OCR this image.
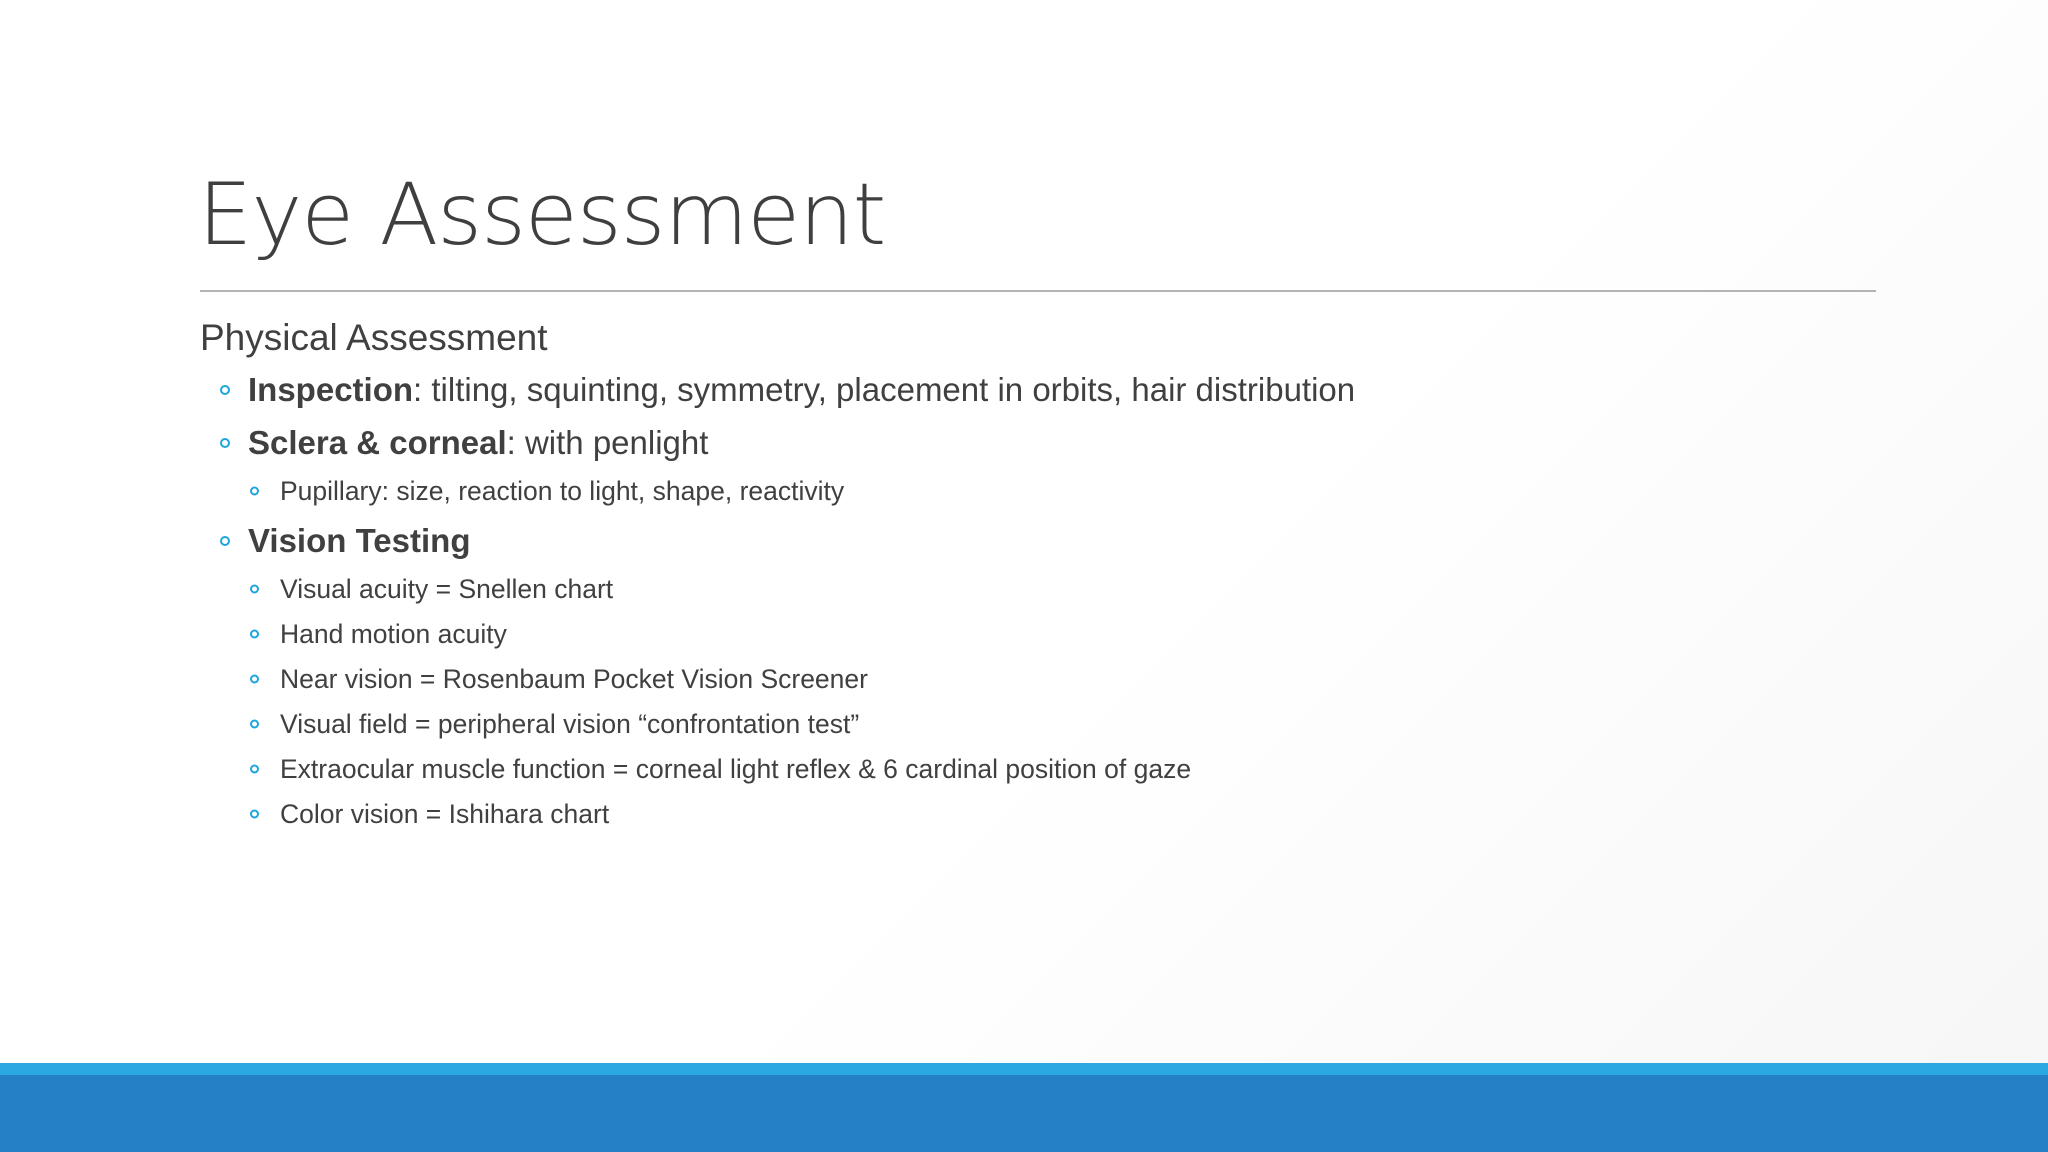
Eye Assessment
Physical Assessment
Inspection: tilting, squinting, symmetry, placement in orbits, hair distribution
Sclera & corneal: with penlight
Pupillary: size, reaction to light, shape, reactivity
Vision Testing
Visual acuity = Snellen chart
Hand motion acuity
Near vision = Rosenbaum Pocket Vision Screener
Visual field = peripheral vision “confrontation test”
Extraocular muscle function = corneal light reflex & 6 cardinal position of gaze
Color vision = Ishihara chart
